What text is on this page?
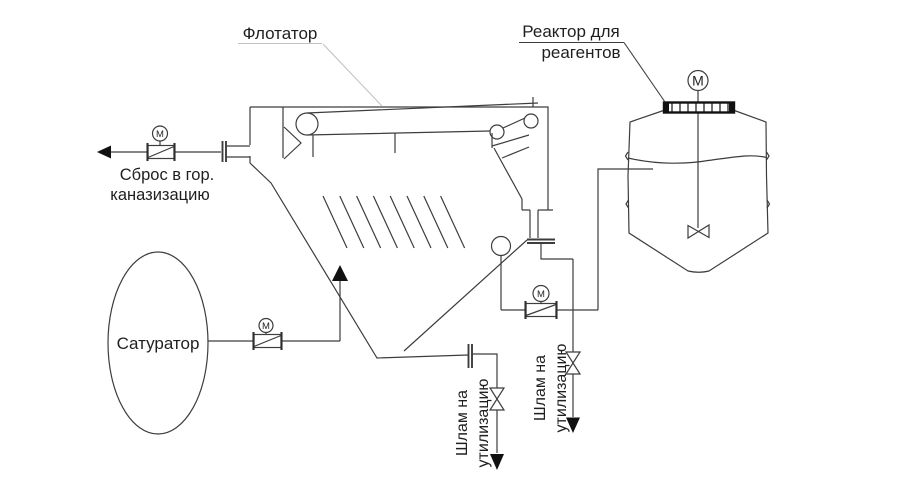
M
Сброс в гор.
каназизацию
Сатуратор
M
M
Шлам на утилизацию
Шлам на утилизацию
M
Флотатор	Реактор для
реагентов
